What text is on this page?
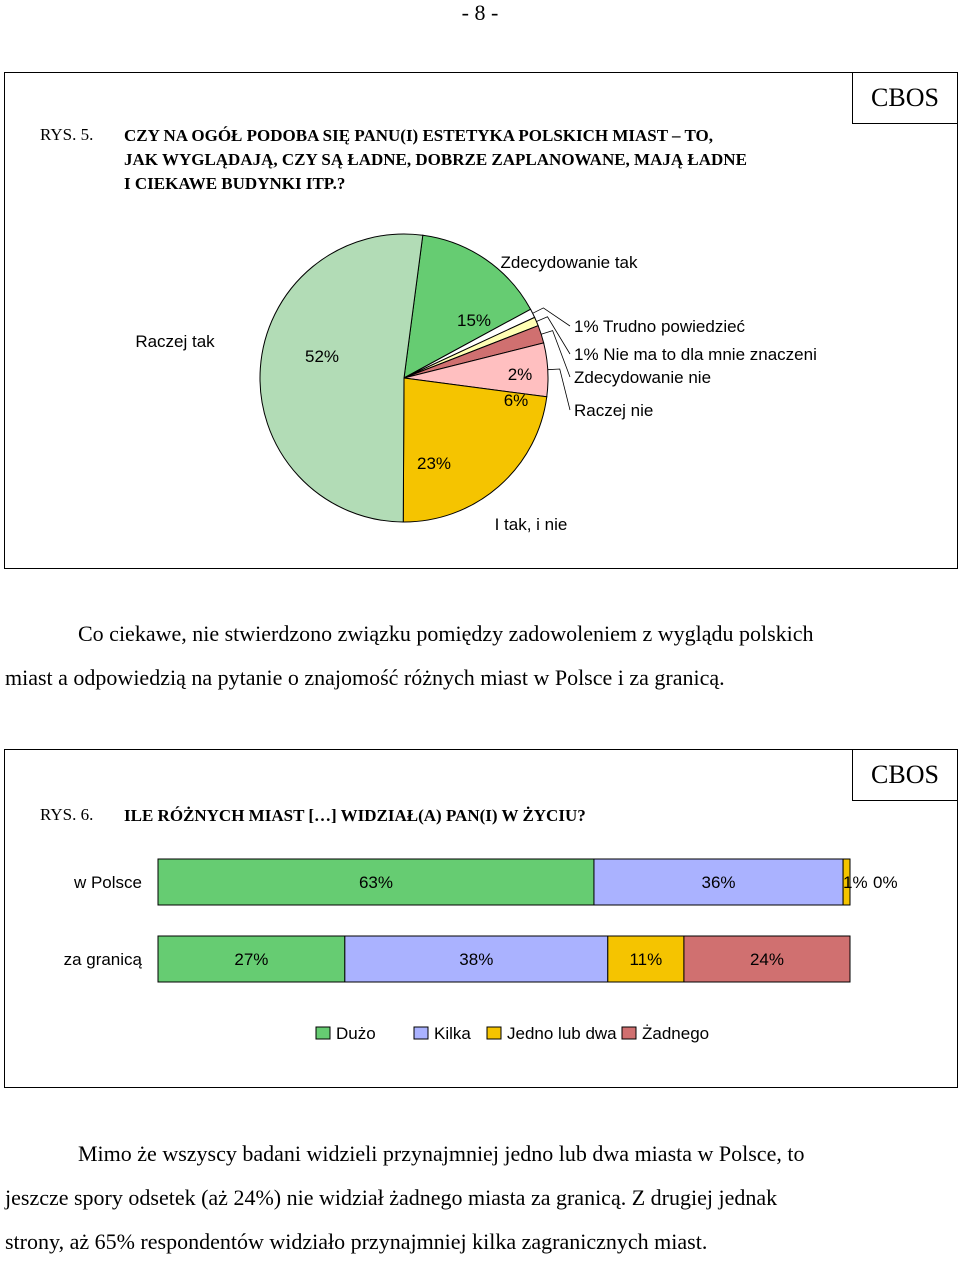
- 8 -
CBOS
RYS. 5. CZY NA OGÓŁ PODOBA SIĘ PANU(I) ESTETYKA POLSKICH MIAST – TO,
JAK WYGLĄDAJĄ, CZY SĄ ŁADNE, DOBRZE ZAPLANOWANE, MAJĄ ŁADNE
I CIEKAWE BUDYNKI ITP.?
15%
2%
6%
23%
52%
Zdecydowanie tak
1% Trudno powiedzieć
1% Nie ma to dla mnie znaczeni
Zdecydowanie nie
Raczej nie
I tak, i nie
Raczej tak
Co ciekawe, nie stwierdzono związku pomiędzy zadowoleniem z wyglądu polskich
miast a odpowiedzią na pytanie o znajomość różnych miast w Polsce i za granicą.
CBOS
RYS. 6. ILE RÓŻNYCH MIAST […] WIDZIAŁ(A) PAN(I) W ŻYCIU?
w Polsce	63%	36%	1% 0%
za granicą	27%	38%	11%	24%
Dużo	Kilka Jedno lub dwa Żadnego
Mimo że wszyscy badani widzieli przynajmniej jedno lub dwa miasta w Polsce, to
jeszcze spory odsetek (aż 24%) nie widział żadnego miasta za granicą. Z drugiej jednak
strony, aż 65% respondentów widziało przynajmniej kilka zagranicznych miast.
